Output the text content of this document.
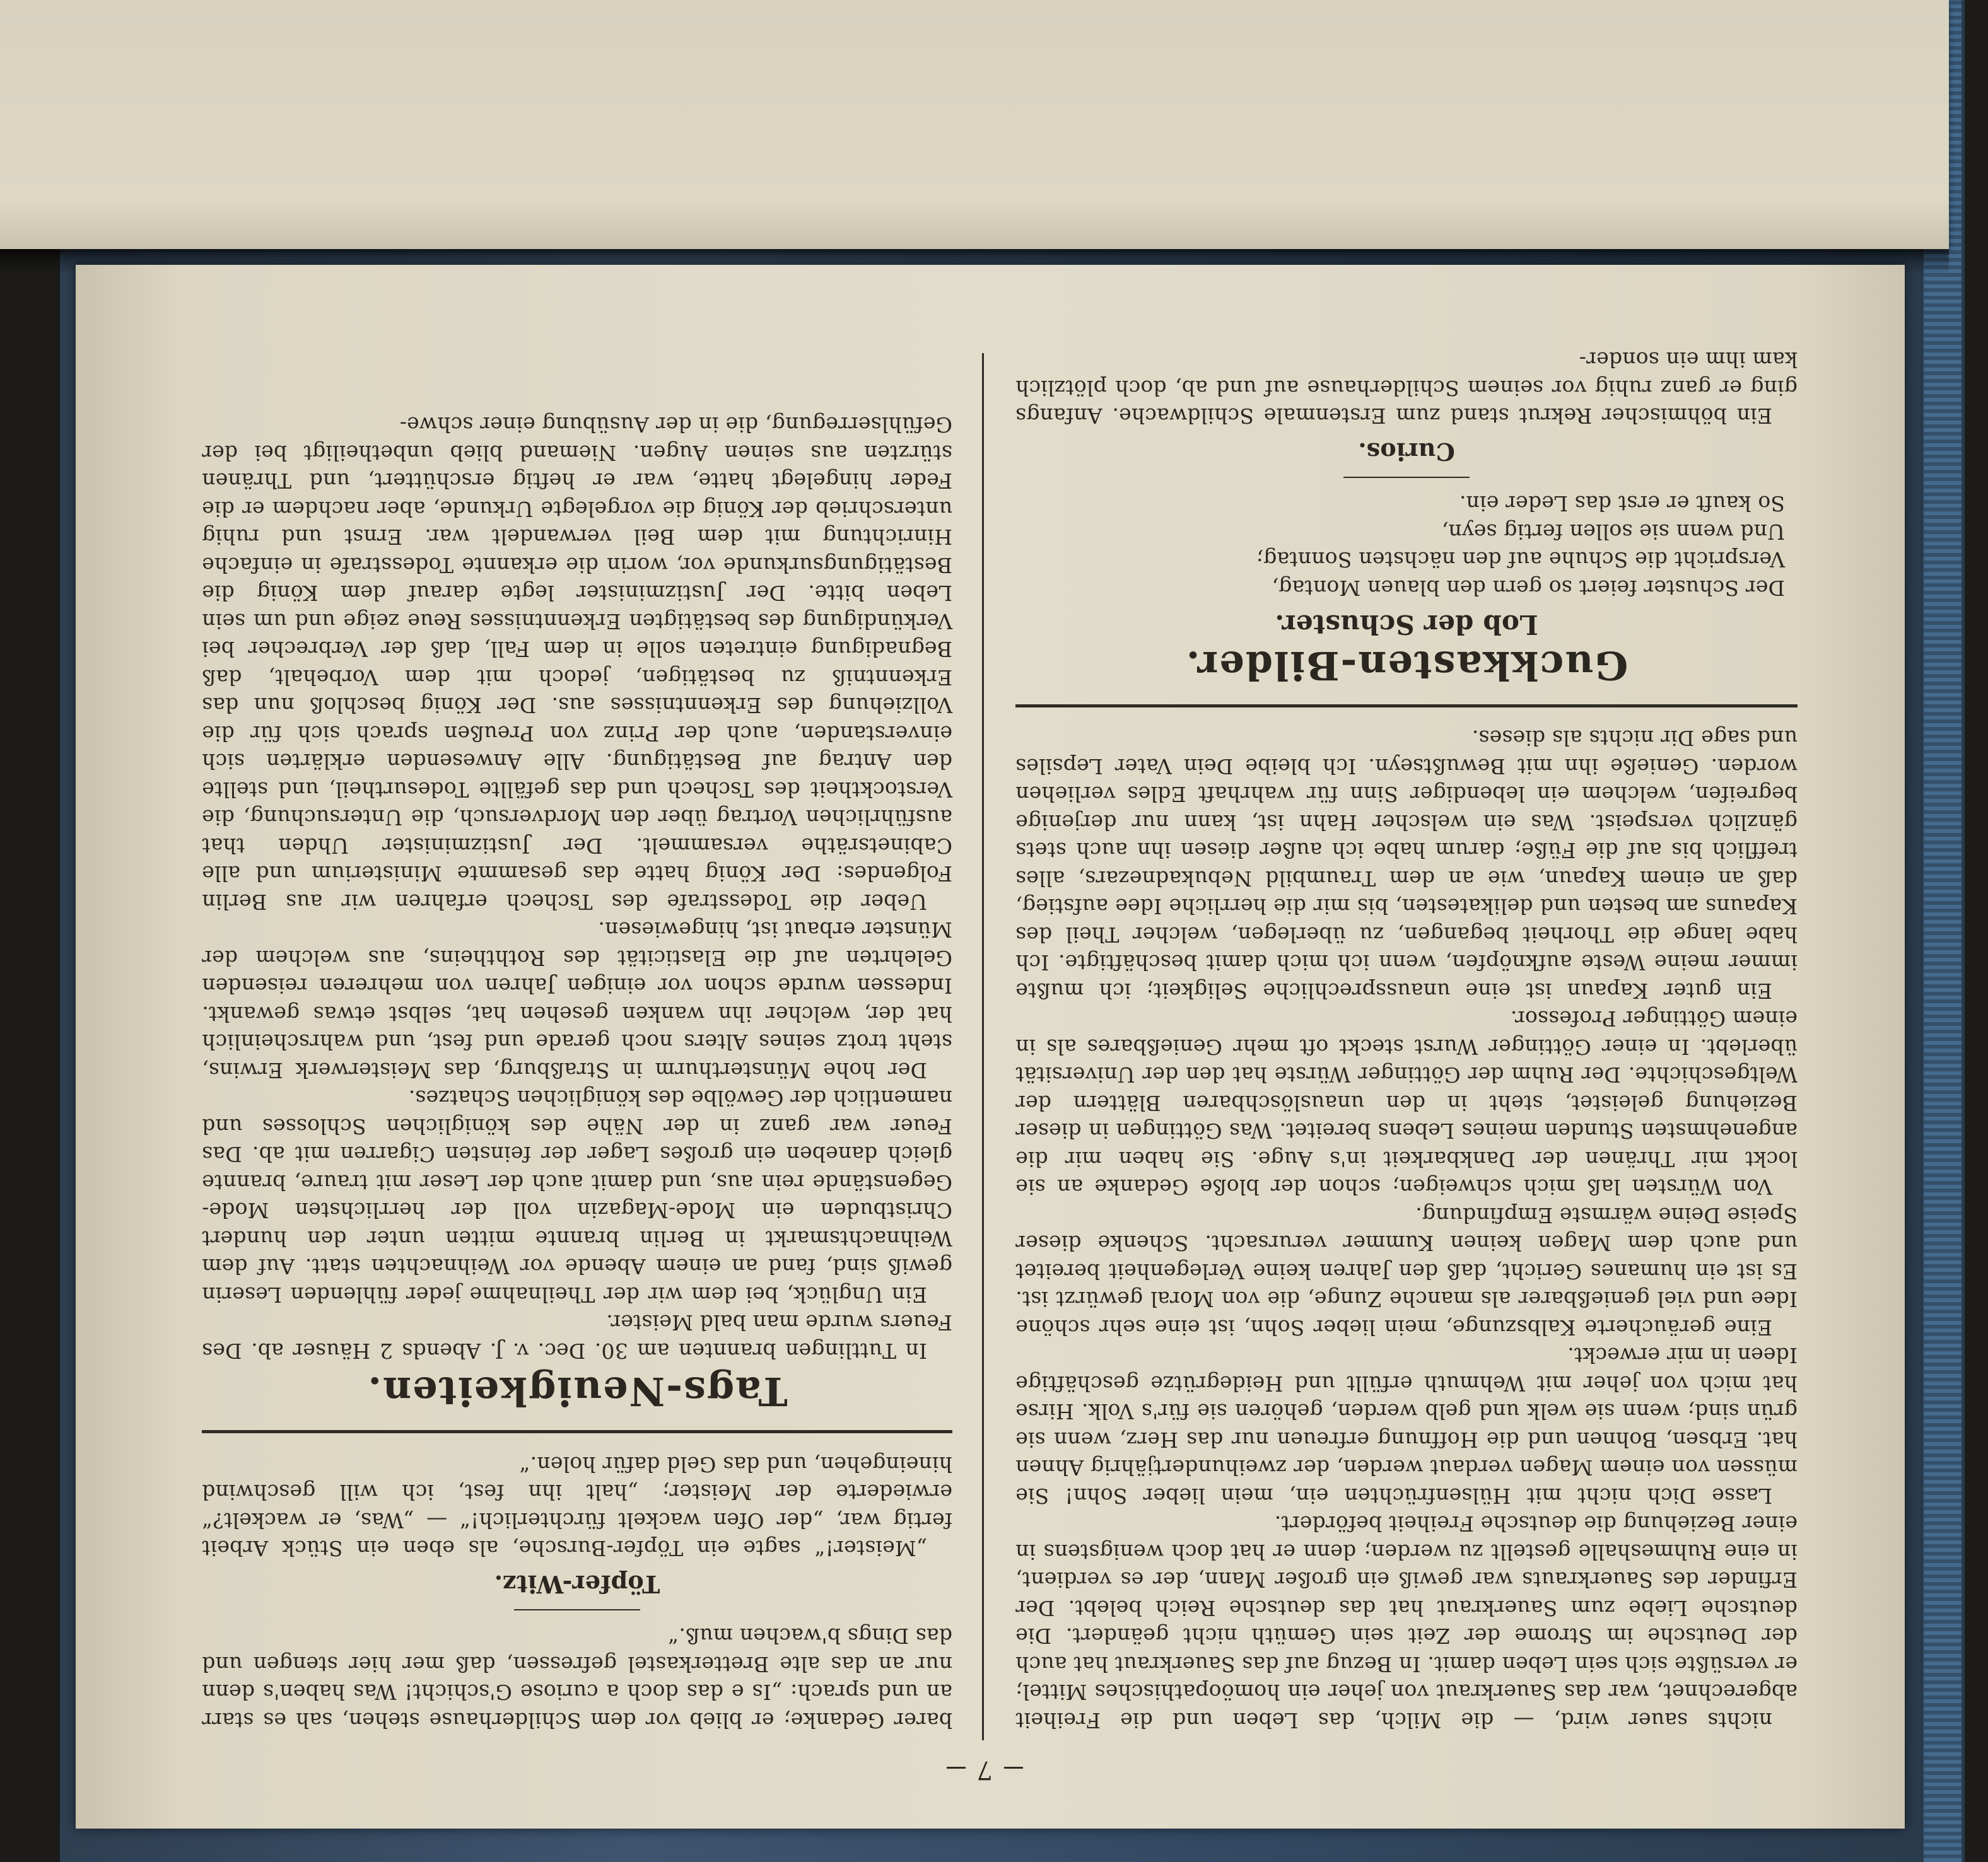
7

nichts sauer wird, — die Milch, das Leben und die Freiheit abgerechnet, war das Sauerkraut von jeher ein homöopathisches Mittel; er versüßte sich sein Leben damit. In Bezug auf das Sauerkraut hat auch der Deutsche im Strome der Zeit sein Gemüth nicht geändert. Die deutsche Liebe zum Sauerkraut hat das deutsche Reich belebt. Der Erfinder des Sauerkrauts war gewiß ein großer Mann, der es verdient, in eine Ruhmeshalle gestellt zu werden; denn er hat doch wenigstens in einer Beziehung die deutsche Freiheit befördert.

Lasse Dich nicht mit Hülsenfrüchten ein, mein lieber Sohn! Sie müssen von einem Magen verdaut werden, der zweihundertjährig Ahnen hat. Erbsen, Bohnen und die Hoffnung erfreuen nur das Herz, wenn sie grün sind; wenn sie welk und gelb werden, gehören sie für's Volk. Hirse hat mich von jeher mit Wehmuth erfüllt und Heidegrütze geschäftige Ideen in mir erweckt.

Eine geräucherte Kalbszunge, mein lieber Sohn, ist eine sehr schöne Idee und viel genießbarer als manche Zunge, die von Moral gewürzt ist. Es ist ein humanes Gericht, daß den Jahren keine Verlegenheit bereitet und auch dem Magen keinen Kummer verursacht. Schenke dieser Speise Deine wärmste Empfindung.

Von Würsten laß mich schweigen; schon der bloße Gedanke an sie lockt mir Thränen der Dankbarkeit in's Auge. Sie haben mir die angenehmsten Stunden meines Lebens bereitet. Was Göttingen in dieser Beziehung geleistet, steht in den unauslöschbaren Blättern der Weltgeschichte. Der Ruhm der Göttinger Würste hat den der Universität überlebt. In einer Göttinger Wurst steckt oft mehr Genießbares als in einem Göttinger Professor.

Ein guter Kapaun ist eine unaussprechliche Seligkeit; ich mußte immer meine Weste aufknöpfen, wenn ich mich damit beschäftigte. Ich habe lange die Thorheit begangen, zu überlegen, welcher Theil des Kapauns am besten und delikatesten, bis mir die herrliche Idee aufstieg, daß an einem Kapaun, wie an dem Traumbild Nebukadnezars, alles trefflich bis auf die Füße; darum habe ich außer diesen ihn auch stets gänzlich verspeist. Was ein welscher Hahn ist, kann nur derjenige begreifen, welchem ein lebendiger Sinn für wahrhaft Edles verliehen worden. Genieße ihn mit Bewußtseyn. Ich bleibe Dein Vater Lepsiles und sage Dir nichts als dieses.

Guckkasten-Bilder.
Lob der Schuster.
Der Schuster feiert so gern den blauen Montag,
Verspricht die Schuhe auf den nächsten Sonntag;
Und wenn sie sollen fertig seyn,
So kauft er erst das Leder ein.
Curios.

Ein böhmischer Rekrut stand zum Erstenmale Schildwache. Anfangs ging er ganz ruhig vor seinem Schilderhause auf und ab, doch plötzlich kam ihm ein sonder-

barer Gedanke; er blieb vor dem Schilderhause stehen, sah es starr an und sprach: „Is e das doch a curiose G'schicht! Was haben's denn nur an das alte Bretterkastel gefressen, daß mer hier stengen und das Dings b'wachen muß.“

Töpfer-Witz.

„Meister!“ sagte ein Töpfer-Bursche, als eben ein Stück Arbeit fertig war, „der Ofen wackelt fürchterlich!“ — „Was, er wackelt?“ erwiederte der Meister; „halt ihn fest, ich will geschwind hineingehen, und das Geld dafür holen.“

Tags-Neuigkeiten.

In Tuttlingen brannten am 30. Dec. v. J. Abends 2 Häuser ab. Des Feuers wurde man bald Meister.

Ein Unglück, bei dem wir der Theilnahme jeder fühlenden Leserin gewiß sind, fand an einem Abende vor Weihnachten statt. Auf dem Weihnachtsmarkt in Berlin brannte mitten unter den hundert Christbuden ein Mode-Magazin voll der herrlichsten Mode-Gegenstände rein aus, und damit auch der Leser mit traure, brannte gleich daneben ein großes Lager der feinsten Cigarren mit ab. Das Feuer war ganz in der Nähe des königlichen Schlosses und namentlich der Gewölbe des königlichen Schatzes.

Der hohe Münsterthurm in Straßburg, das Meisterwerk Erwins, steht trotz seines Alters noch gerade und fest, und wahrscheinlich hat der, welcher ihn wanken gesehen hat, selbst etwas gewankt. Indessen wurde schon vor einigen Jahren von mehreren reisenden Gelehrten auf die Elasticität des Roththeins, aus welchem der Münster erbaut ist, hingewiesen.

Ueber die Todesstrafe des Tschech erfahren wir aus Berlin Folgendes: Der König hatte das gesammte Ministerium und alle Cabinetsräthe versammelt. Der Justizminister Uhden that ausführlichen Vortrag über den Mordversuch, die Untersuchung, die Verstocktheit des Tschech und das gefällte Todesurtheil, und stellte den Antrag auf Bestätigung. Alle Anwesenden erklärten sich einverstanden, auch der Prinz von Preußen sprach sich für die Vollziehung des Erkenntnisses aus. Der König beschloß nun das Erkenntniß zu bestätigen, jedoch mit dem Vorbehalt, daß Begnadigung eintreten solle in dem Fall, daß der Verbrecher bei Verkündigung des bestätigten Erkenntnisses Reue zeige und um sein Leben bitte. Der Justizminister legte darauf dem König die Bestätigungsurkunde vor, worin die erkannte Todesstrafe in einfache Hinrichtung mit dem Beil verwandelt war. Ernst und ruhig unterschrieb der König die vorgelegte Urkunde, aber nachdem er die Feder hingelegt hatte, war er heftig erschüttert, und Thränen stürzten aus seinen Augen. Niemand blieb unbetheiligt bei der Gefühlserregung, die in der Ausübung einer schwe-
